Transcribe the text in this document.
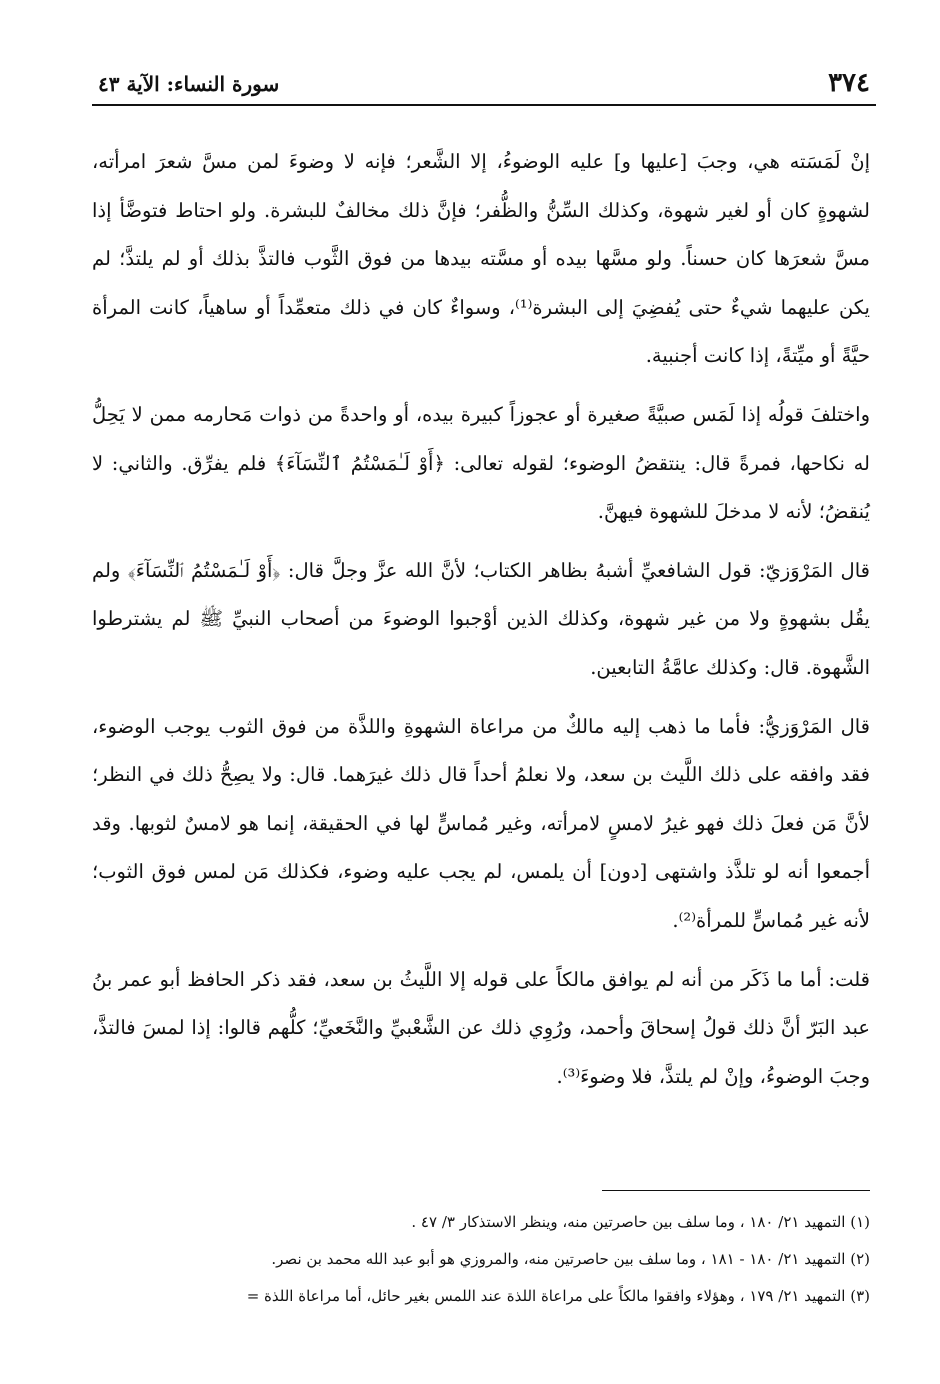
٣٧٤
سورة النساء: الآية ٤٣

إنْ لَمَسَته هي، وجبَ [عليها و] عليه الوضوءُ، إلا الشَّعر؛ فإنه لا وضوءَ لمن مسَّ شعرَ امرأته، لشهوةٍ كان أو لغير شهوة، وكذلك السِّنُّ والظُّفر؛ فإنَّ ذلك مخالفٌ للبشرة. ولو احتاط فتوضَّأ إذا مسَّ شعرَها كان حسناً. ولو مسَّها بيده أو مسَّته بيدها من فوق الثَّوب فالتذَّ بذلك أو لم يلتذَّ؛ لم يكن عليهما شيءٌ حتى يُفضِيَ إلى البشرة⁽¹⁾، وسواءٌ كان في ذلك متعمِّداً أو ساهياً، كانت المرأة حيَّةً أو ميِّتةً، إذا كانت أجنبية.

واختلفَ قولُه إذا لَمَس صبيَّةً صغيرة أو عجوزاً كبيرة بيده، أو واحدةً من ذوات مَحارمه ممن لا يَحِلُّ له نكاحها، فمرةً قال: ينتقضُ الوضوء؛ لقوله تعالى: ﴿أَوْ لَـٰمَسْتُمُ ٱلنِّسَآءَ﴾ فلم يفرِّق. والثاني: لا يُنقضُ؛ لأنه لا مدخلَ للشهوة فيهنَّ.

قال المَرْوَزيّ: قول الشافعيِّ أشبهُ بظاهر الكتاب؛ لأنَّ الله عزَّ وجلَّ قال: ﴿أَوْ لَـٰمَسْتُمُ ٱلنِّسَآءَ﴾ ولم يقُل بشهوةٍ ولا من غير شهوة، وكذلك الذين أوْجبوا الوضوءَ من أصحاب النبيِّ ﷺ لم يشترطوا الشَّهوة. قال: وكذلك عامَّةُ التابعين.

قال المَرْوَزيُّ: فأما ما ذهب إليه مالكٌ من مراعاة الشهوةِ واللذَّة من فوق الثوب يوجب الوضوء، فقد وافقه على ذلك اللَّيث بن سعد، ولا نعلمُ أحداً قال ذلك غيرَهما. قال: ولا يصِحُّ ذلك في النظر؛ لأنَّ مَن فعلَ ذلك فهو غيرُ لامسٍ لامرأته، وغير مُماسٍّ لها في الحقيقة، إنما هو لامسٌ لثوبها. وقد أجمعوا أنه لو تلذَّذ واشتهى [دون] أن يلمس، لم يجب عليه وضوء، فكذلك مَن لمس فوق الثوب؛ لأنه غير مُماسٍّ للمرأة⁽²⁾.

قلت: أما ما ذَكَر من أنه لم يوافق مالكاً على قوله إلا اللَّيثُ بن سعد، فقد ذكر الحافظ أبو عمر بنُ عبد البَرّ أنَّ ذلك قولُ إسحاقَ وأحمد، ورُوِي ذلك عن الشَّعْبيِّ والنَّخَعيِّ؛ كلُّهم قالوا: إذا لمسَ فالتذَّ، وجبَ الوضوءُ، وإنْ لم يلتذَّ، فلا وضوءَ⁽³⁾.

(١) التمهيد ٢١/ ١٨٠ ، وما سلف بين حاصرتين منه، وينظر الاستذكار ٣/ ٤٧ .

(٢) التمهيد ٢١/ ١٨٠ - ١٨١ ، وما سلف بين حاصرتين منه، والمروزي هو أبو عبد الله محمد بن نصر.

(٣) التمهيد ٢١/ ١٧٩ ، وهؤلاء وافقوا مالكاً على مراعاة اللذة عند اللمس بغير حائل، أما مراعاة اللذة =
